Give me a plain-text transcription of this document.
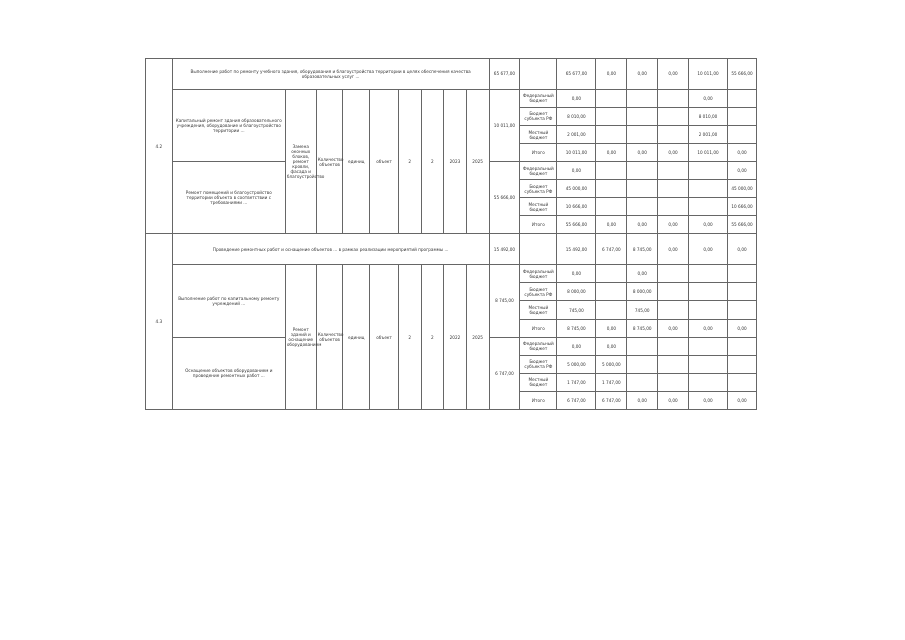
4.2	Выполнение работ по ремонту учебного здания, оборудования и благоустройства территории в целях обеспечения качества образовательных услуг ...									65 677,00		65 677,00	0,00	0,00	0,00	10 011,00	55 666,00
	Капитальный ремонт здания образовательного учреждения, оборудование и благоустройство территории ...	Замена оконных блоков, ремонт кровли, фасада и благоустройство	Количество объектов	единиц	объект	2	2	2023	2025	10 011,00	Федеральный бюджет	0,00				0,00	
											Бюджет субъекта РФ	8 010,00				8 010,00	
											Местный бюджет	2 001,00				2 001,00	
											Итого	10 011,00	0,00	0,00	0,00	10 011,00	0,00
	Ремонт помещений и благоустройство территории объекта в соответствии с требованиями ...									55 666,00	Федеральный бюджет	0,00					0,00
											Бюджет субъекта РФ	45 000,00					45 000,00
											Местный бюджет	10 666,00					10 666,00
											Итого	55 666,00	0,00	0,00	0,00	0,00	55 666,00
4.3	Проведение ремонтных работ и оснащение объектов ... в рамках реализации мероприятий программы ...									15 492,00		15 492,00	6 747,00	8 745,00	0,00	0,00	0,00
	Выполнение работ по капитальному ремонту учреждений ...	Ремонт зданий и оснащение оборудованием	Количество объектов	единиц	объект	2	2	2022	2025	8 745,00	Федеральный бюджет	0,00		0,00			
											Бюджет субъекта РФ	8 000,00		8 000,00			
											Местный бюджет	745,00		745,00			
											Итого	8 745,00	0,00	8 745,00	0,00	0,00	0,00
	Оснащение объектов оборудованием и проведение ремонтных работ ...									6 747,00	Федеральный бюджет	0,00	0,00				
											Бюджет субъекта РФ	5 000,00	5 000,00				
											Местный бюджет	1 747,00	1 747,00				
											Итого	6 747,00	6 747,00	0,00	0,00	0,00	0,00
